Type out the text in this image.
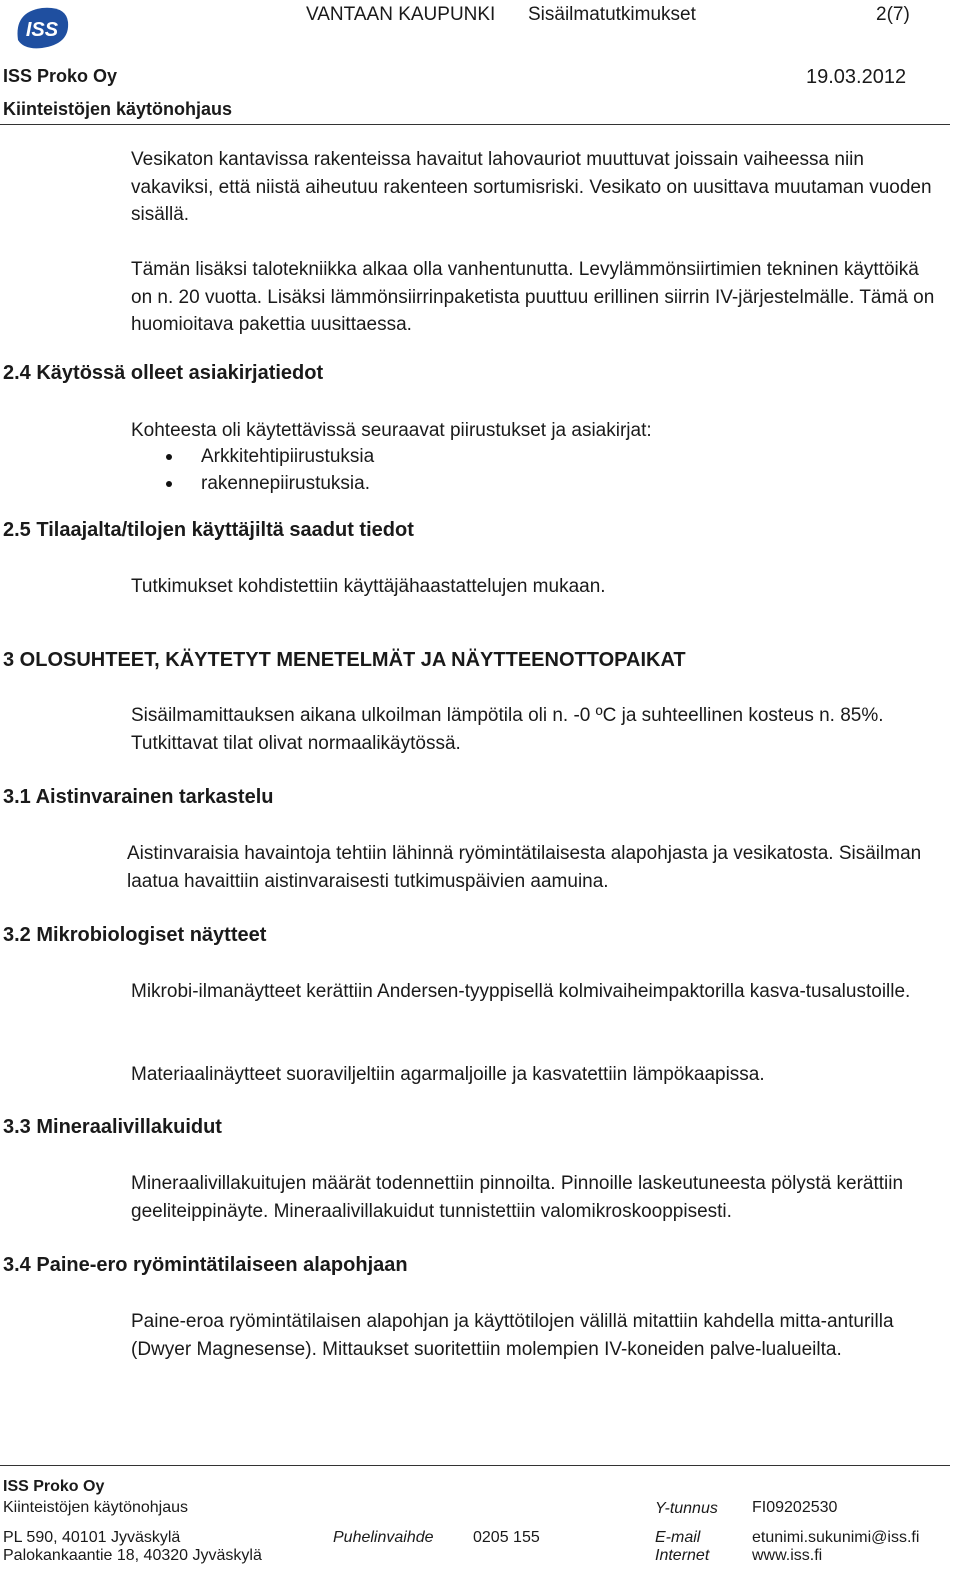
ISS
VANTAAN KAUPUNKI Sisäilmatutkimukset	2(7)
ISS Proko Oy	19.03.2012
Kiinteistöjen käytönohjaus
Vesikaton kantavissa rakenteissa havaitut lahovauriot muuttuvat joissain vaiheessa niin vakaviksi, että niistä aiheutuu rakenteen sortumisriski. Vesikato on uusittava muutaman vuoden sisällä.
Tämän lisäksi talotekniikka alkaa olla vanhentunutta. Levylämmönsiirtimien tekninen käyttöikä on n. 20 vuotta. Lisäksi lämmönsiirrinpaketista puuttuu erillinen siirrin IV-järjestelmälle. Tämä on huomioitava pakettia uusittaessa.
2.4 Käytössä olleet asiakirjatiedot
Kohteesta oli käytettävissä seuraavat piirustukset ja asiakirjat:
Arkkitehtipiirustuksia
rakennepiirustuksia.
2.5 Tilaajalta/tilojen käyttäjiltä saadut tiedot
Tutkimukset kohdistettiin käyttäjähaastattelujen mukaan.
3 OLOSUHTEET, KÄYTETYT MENETELMÄT JA NÄYTTEENOTTOPAIKAT
Sisäilmamittauksen aikana ulkoilman lämpötila oli n. -0 ºC ja suhteellinen kosteus n. 85%. Tutkittavat tilat olivat normaalikäytössä.
3.1 Aistinvarainen tarkastelu
Aistinvaraisia havaintoja tehtiin lähinnä ryömintätilaisesta alapohjasta ja vesikatosta. Sisäilman laatua havaittiin aistinvaraisesti tutkimuspäivien aamuina.
3.2 Mikrobiologiset näytteet
Mikrobi-ilmanäytteet kerättiin Andersen-tyyppisellä kolmivaiheimpaktorilla kasva-tusalustoille.
Materiaalinäytteet suoraviljeltiin agarmaljoille ja kasvatettiin lämpökaapissa.
3.3 Mineraalivillakuidut
Mineraalivillakuitujen määrät todennettiin pinnoilta. Pinnoille laskeutuneesta pölystä kerättiin geeliteippinäyte. Mineraalivillakuidut tunnistettiin valomikroskooppisesti.
3.4 Paine-ero ryömintätilaiseen alapohjaan
Paine-eroa ryömintätilaisen alapohjan ja käyttötilojen välillä mitattiin kahdella mitta-anturilla (Dwyer Magnesense). Mittaukset suoritettiin molempien IV-koneiden palve-lualueilta.
ISS Proko Oy
Kiinteistöjen käytönohjaus	Y-tunnus FI09202530
PL 590, 40101 Jyväskylä	Puhelinvaihde 0205 155	E-mail	etunimi.sukunimi@iss.fi
Palokankaantie 18, 40320 Jyväskylä	Internet	www.iss.fi
